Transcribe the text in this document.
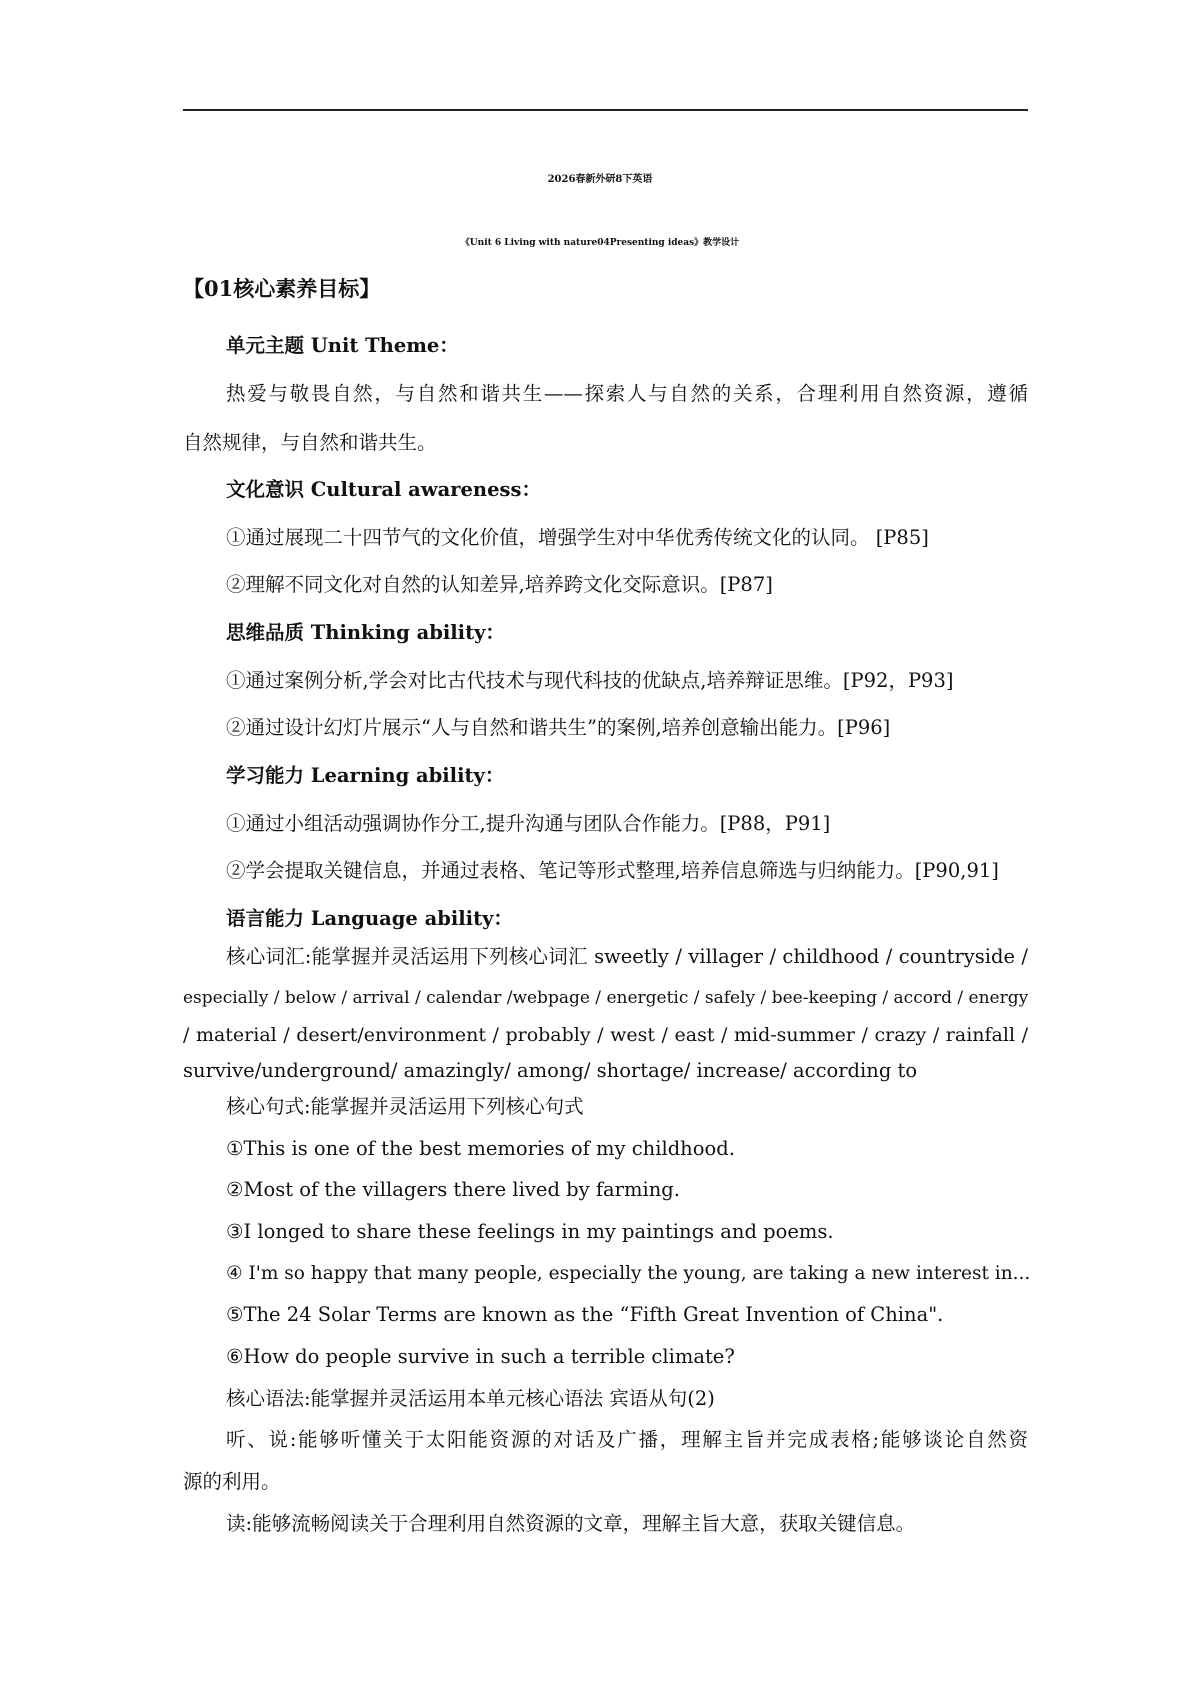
2026春新外研8下英语
《Unit 6 Living with nature04Presenting ideas》教学设计
【01核心素养目标】
单元主题 Unit Theme：
热爱与敬畏自然，与自然和谐共生——探索人与自然的关系，合理利用自然资源，遵循
自然规律，与自然和谐共生。
文化意识 Cultural awareness：
①通过展现二十四节气的文化价值，增强学生对中华优秀传统文化的认同。 [P85]
②理解不同文化对自然的认知差异,培养跨文化交际意识。[P87]
思维品质 Thinking ability：
①通过案例分析,学会对比古代技术与现代科技的优缺点,培养辩证思维。[P92，P93]
②通过设计幻灯片展示“人与自然和谐共生”的案例,培养创意输出能力。[P96]
学习能力 Learning ability：
①通过小组活动强调协作分工,提升沟通与团队合作能力。[P88，P91]
②学会提取关键信息，并通过表格、笔记等形式整理,培养信息筛选与归纳能力。[P90,91]
语言能力 Language ability：
核心词汇:能掌握并灵活运用下列核心词汇 sweetly / villager / childhood / countryside /
especially / below / arrival / calendar /webpage / energetic / safely / bee-keeping / accord / energy
/ material / desert/environment / probably / west / east / mid-summer / crazy / rainfall /
survive/underground/ amazingly/ among/ shortage/ increase/ according to
核心句式:能掌握并灵活运用下列核心句式
①This is one of the best memories of my childhood.
②Most of the villagers there lived by farming.
③I longed to share these feelings in my paintings and poems.
④ I'm so happy that many people, especially the young, are taking a new interest in...
⑤The 24 Solar Terms are known as the “Fifth Great Invention of China".
⑥How do people survive in such a terrible climate?
核心语法:能掌握并灵活运用本单元核心语法 宾语从句(2)
听、说:能够听懂关于太阳能资源的对话及广播，理解主旨并完成表格;能够谈论自然资
源的利用。
读:能够流畅阅读关于合理利用自然资源的文章，理解主旨大意，获取关键信息。
